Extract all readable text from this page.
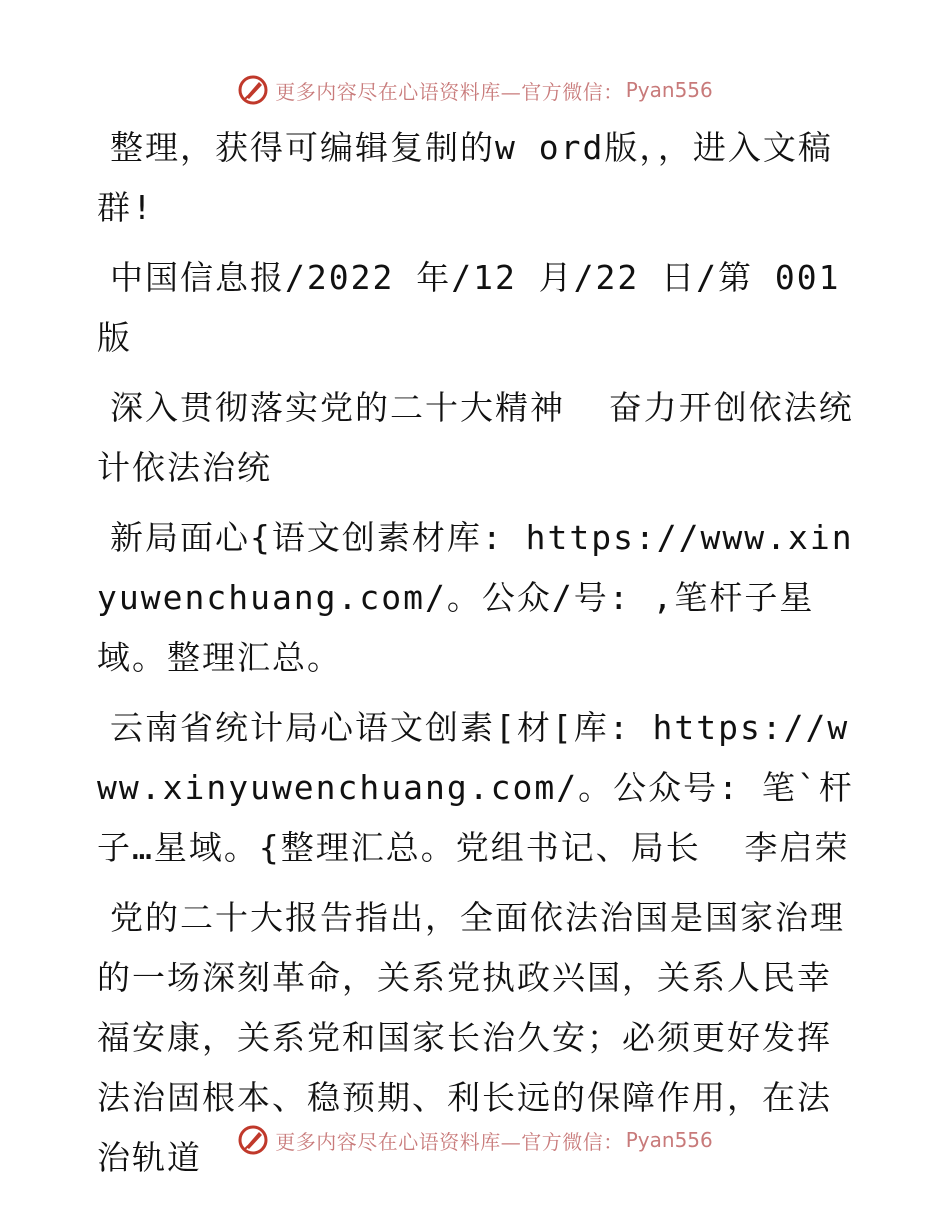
更多内容尽在心语资料库—官方微信： Pyan556

整理，获得可编辑复制的w ord版，，进入文稿群!

中国信息报/2022 年/12 月/22 日/第 001 版

深入贯彻落实党的二十大精神  奋力开创依法统计依法治统

新局面心{语文创素材库: https://www.xinyuwenchuang.com/。公众/号: ,笔杆子星域。整理汇总。

云南省统计局心语文创素[材[库: https://www.xinyuwenchuang.com/。公众号: 笔`杆子…星域。{整理汇总。党组书记、局长  李启荣

党的二十大报告指出，全面依法治国是国家治理的一场深刻革命，关系党执政兴国，关系人民幸福安康，关系党和国家长治久安；必须更好发挥法治固根本、稳预期、利长远的保障作用，在法治轨道	更多内容尽在心语资料库—官方微信： Pyan556
